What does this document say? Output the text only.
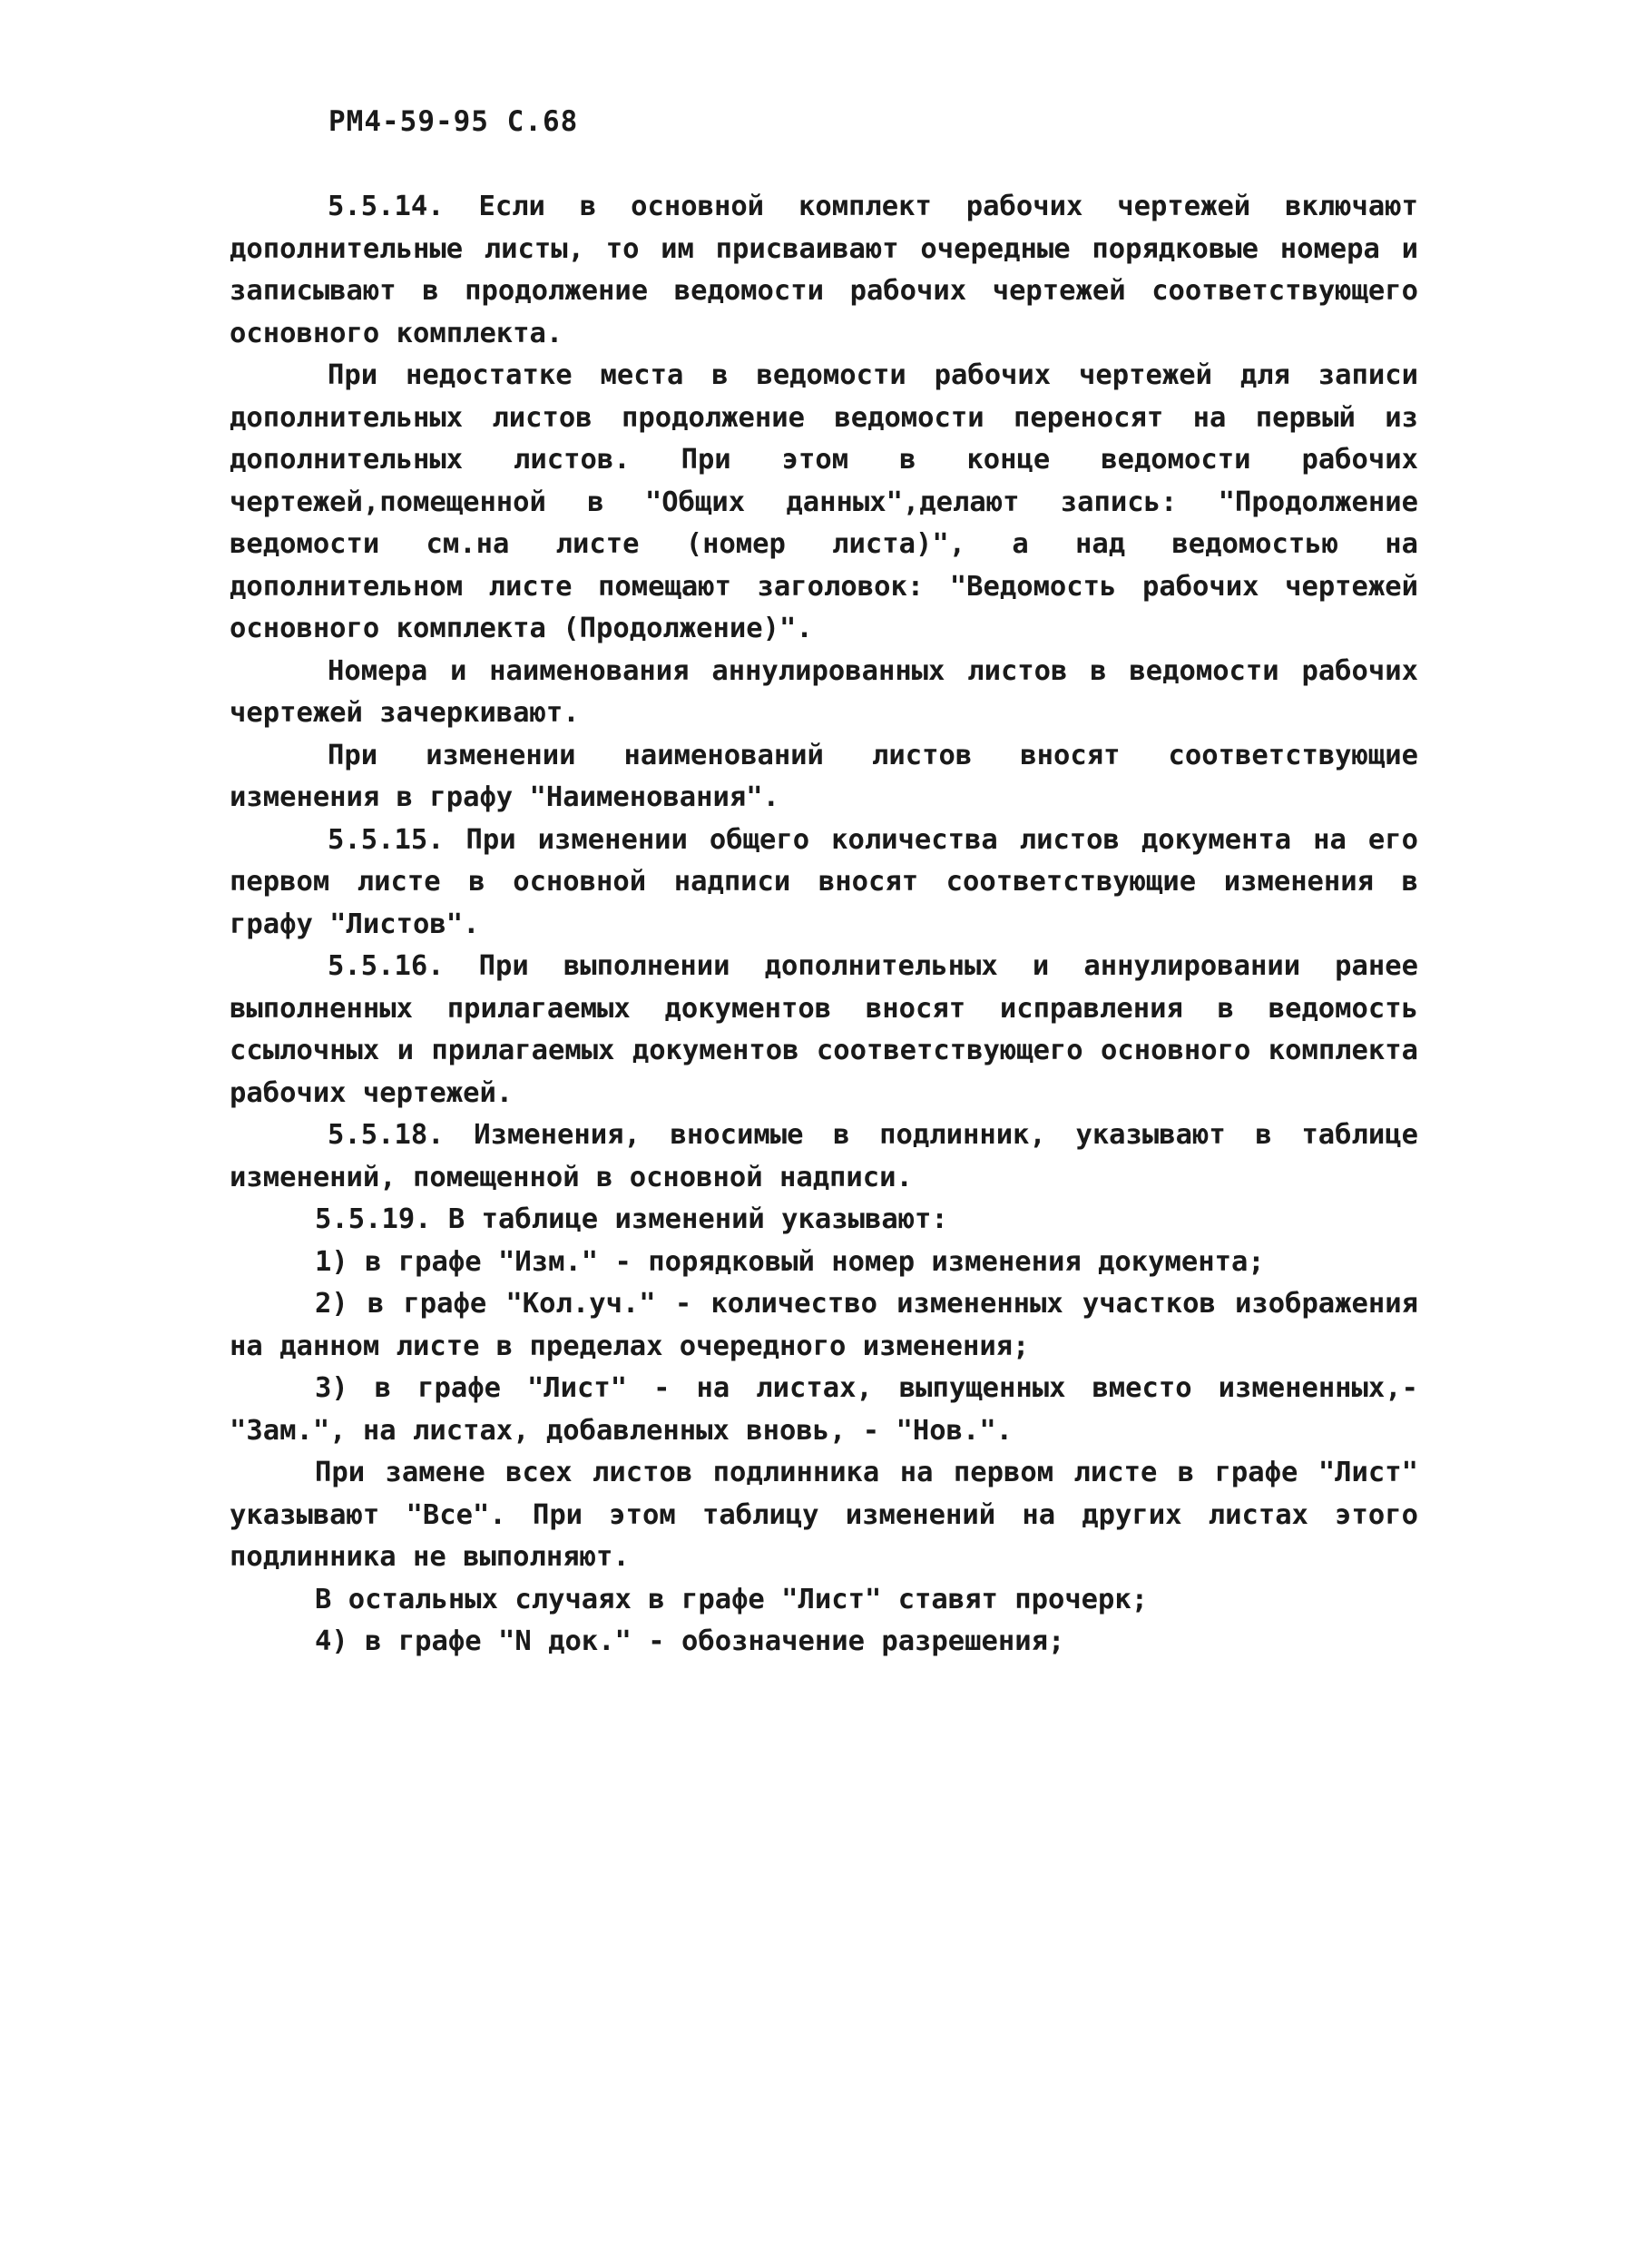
РМ4-59-95 С.68

5.5.14. Если в основной комплект рабочих чертежей включают дополнительные листы, то им присваивают очередные порядковые номера и записывают в продолжение ведомости рабочих чертежей соответствующего основного комплекта.

При недостатке места в ведомости рабочих чертежей для записи дополнительных листов продолжение ведомости переносят на первый из дополнительных листов. При этом в конце ведомости рабочих чертежей,помещенной в "Общих данных",делают запись: "Продолжение ведомости см.на листе (номер листа)", а над ведомостью на дополнительном листе помещают заголовок: "Ведомость рабочих чертежей основного комплекта (Продолжение)".

Номера и наименования аннулированных листов в ведомости рабочих чертежей зачеркивают.

При изменении наименований листов вносят соответствующие изменения в графу "Наименования".

5.5.15. При изменении общего количества листов документа на его первом листе в основной надписи вносят соответствующие изменения в графу "Листов".

5.5.16. При выполнении дополнительных и аннулировании ранее выполненных прилагаемых документов вносят исправления в ведомость ссылочных и прилагаемых документов соответствующего основного комплекта рабочих чертежей.

5.5.18. Изменения, вносимые в подлинник, указывают в таблице изменений, помещенной в основной надписи.

5.5.19. В таблице изменений указывают:

1) в графе "Изм." - порядковый номер изменения документа;

2) в графе "Кол.уч." - количество измененных участков изображения на данном листе в пределах очередного изменения;

3) в графе "Лист" - на листах, выпущенных вместо измененных,- "Зам.", на листах, добавленных вновь, - "Нов.".

При замене всех листов подлинника на первом листе в графе "Лист" указывают "Все". При этом таблицу изменений на других листах этого подлинника не выполняют.

В остальных случаях в графе "Лист" ставят прочерк;

4) в графе "N док." - обозначение разрешения;
